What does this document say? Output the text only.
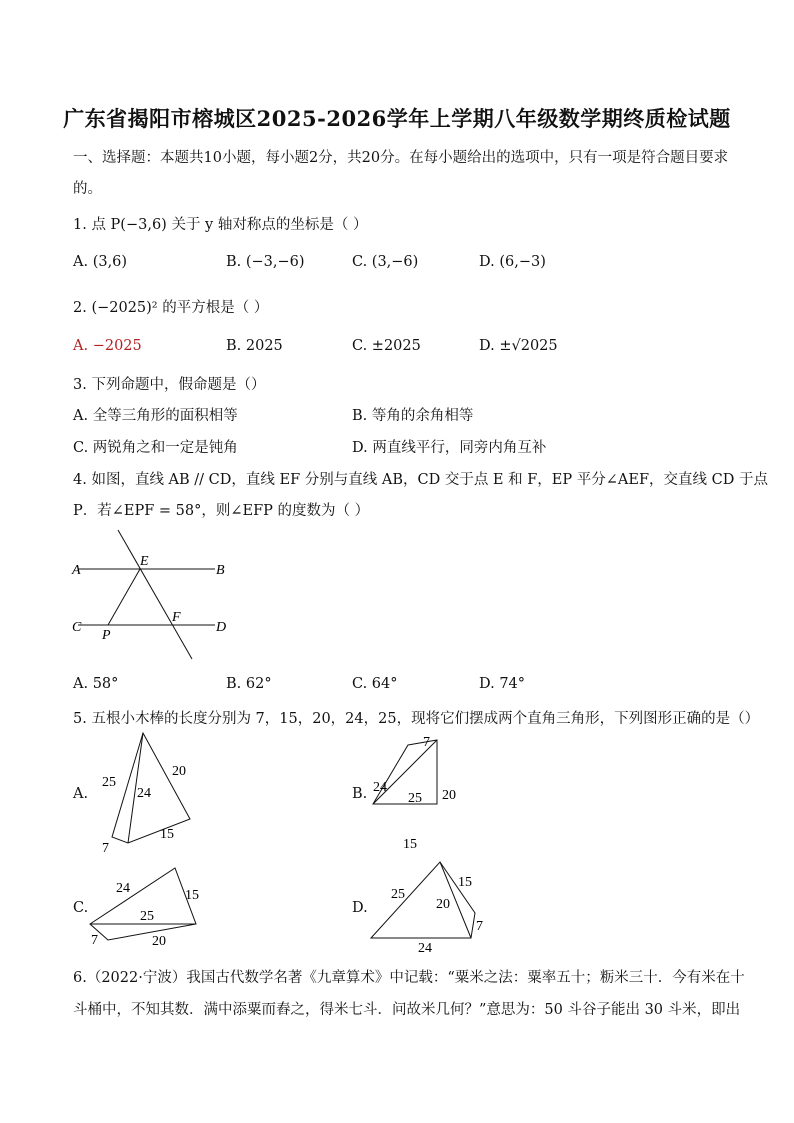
广东省揭阳市榕城区2025-2026学年上学期八年级数学期终质检试题
一、选择题：本题共10小题，每小题2分，共20分。在每小题给出的选项中，只有一项是符合题目要求
的。
1. 点 P(−3,6) 关于 y 轴对称点的坐标是（ ）
A. (3,6)	B. (−3,−6)	C. (3,−6)	D. (6,−3)
2. (−2025)² 的平方根是（ ）
A. −2025	B. 2025	C. ±2025	D. ±√2025
3. 下列命题中，假命题是（）
A. 全等三角形的面积相等	B. 等角的余角相等
C. 两锐角之和一定是钝角	D. 两直线平行，同旁内角互补
4. 如图，直线 AB // CD，直线 EF 分别与直线 AB，CD 交于点 E 和 F，EP 平分∠AEF，交直线 CD 于点
P．若∠EPF = 58°，则∠EFP 的度数为（ ）
A	B
C	D
E
F
P
A. 58°	B. 62°	C. 64°	D. 74°
5. 五根小木棒的长度分别为 7，15，20，24，25，现将它们摆成两个直角三角形，下列图形正确的是（）
A.
25
20
24
15
7
B.
7
24
25 20
15
C.
24	15
25
7	20
D.
25
15
20
7
24
6.（2022·宁波）我国古代数学名著《九章算术》中记载：“粟米之法：粟率五十；粝米三十．今有米在十
斗桶中，不知其数．满中添粟而舂之，得米七斗．问故米几何？”意思为：50 斗谷子能出 30 斗米，即出
